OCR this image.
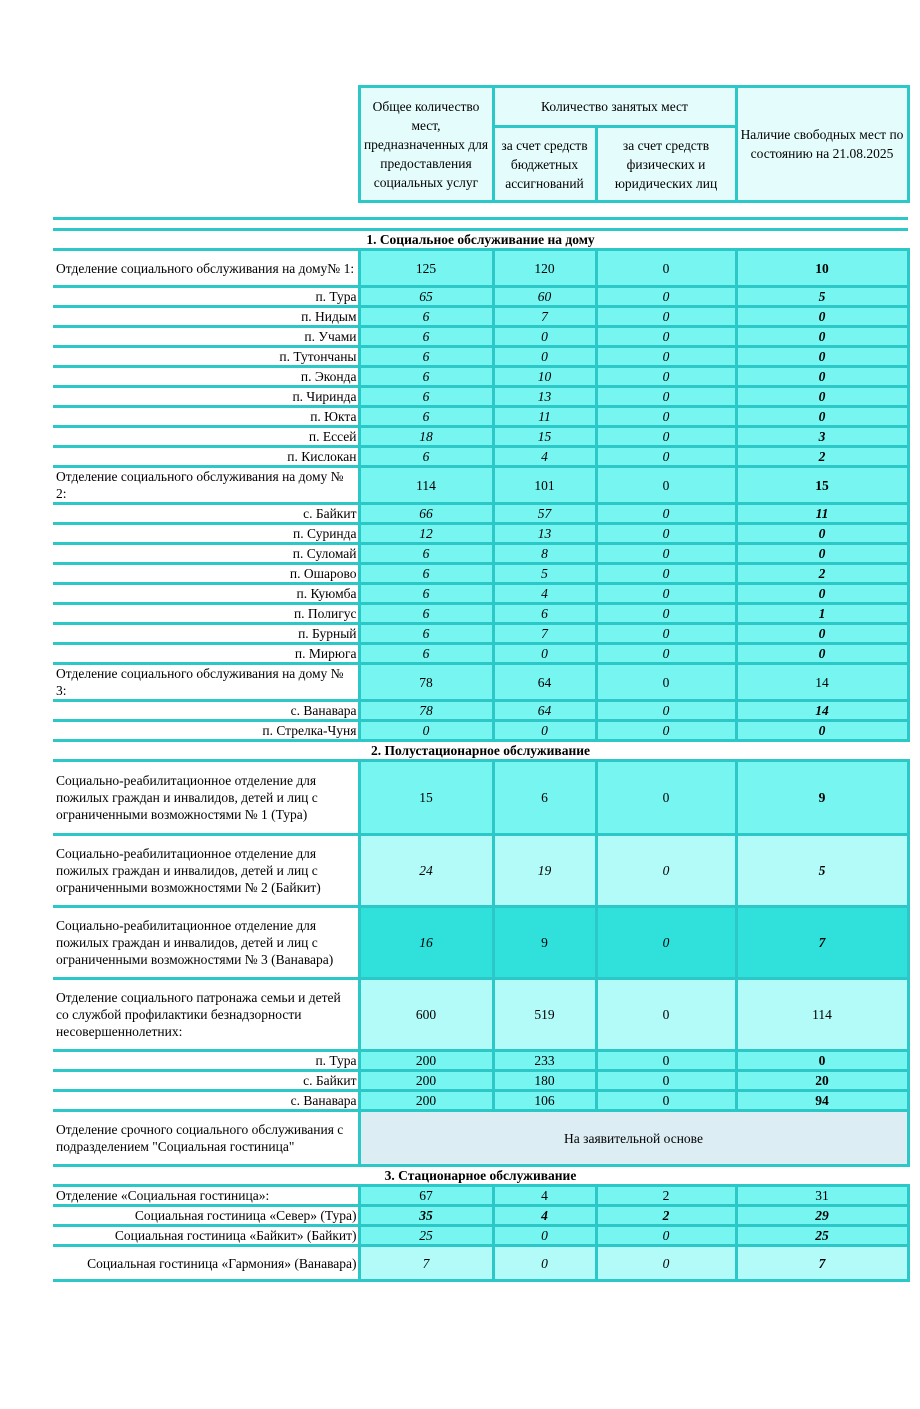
	Общее количество мест, предназначенных для предоставления социальных услуг	Количество занятых мест		Наличие свободных мест по состоянию на 21.08.2025
		за счет средств бюджетных ассигнований	за счет средств физических и юридических лиц	

1. Социальное обслуживание на дому				
Отделение социального обслуживания на дому№ 1:	125	120	0	10
п. Тура	65	60	0	5
п. Нидым	6	7	0	0
п. Учами	6	0	0	0
п. Тутончаны	6	0	0	0
п. Эконда	6	10	0	0
п. Чиринда	6	13	0	0
п. Юкта	6	11	0	0
п. Ессей	18	15	0	3
п. Кислокан	6	4	0	2
Отделение социального обслуживания на дому № 2:	114	101	0	15
с. Байкит	66	57	0	11
п. Суринда	12	13	0	0
п. Суломай	6	8	0	0
п. Ошарово	6	5	0	2
п. Куюмба	6	4	0	0
п. Полигус	6	6	0	1
п. Бурный	6	7	0	0
п. Мирюга	6	0	0	0
Отделение социального обслуживания на дому № 3:	78	64	0	14
с. Ванавара	78	64	0	14
п. Стрелка-Чуня	0	0	0	0
2. Полустационарное обслуживание				
Социально-реабилитационное отделение для пожилых граждан и инвалидов, детей и лиц с ограниченными возможностями № 1 (Тура)	15	6	0	9
Социально-реабилитационное отделение для пожилых граждан и инвалидов, детей и лиц с ограниченными возможностями № 2 (Байкит)	24	19	0	5
Социально-реабилитационное отделение для пожилых граждан и инвалидов, детей и лиц с ограниченными возможностями № 3 (Ванавара)	16	9	0	7
Отделение социального патронажа семьи и детей со службой профилактики безнадзорности несовершеннолетних:	600	519	0	114
п. Тура	200	233	0	0
с. Байкит	200	180	0	20
с. Ванавара	200	106	0	94
Отделение срочного социального обслуживания с подразделением "Социальная гостиница"	На заявительной основе			
3. Стационарное обслуживание				
Отделение «Социальная гостиница»:	67	4	2	31
Социальная гостиница «Север» (Тура)	35	4	2	29
Социальная гостиница «Байкит» (Байкит)	25	0	0	25
Социальная гостиница «Гармония» (Ванавара)	7	0	0	7
